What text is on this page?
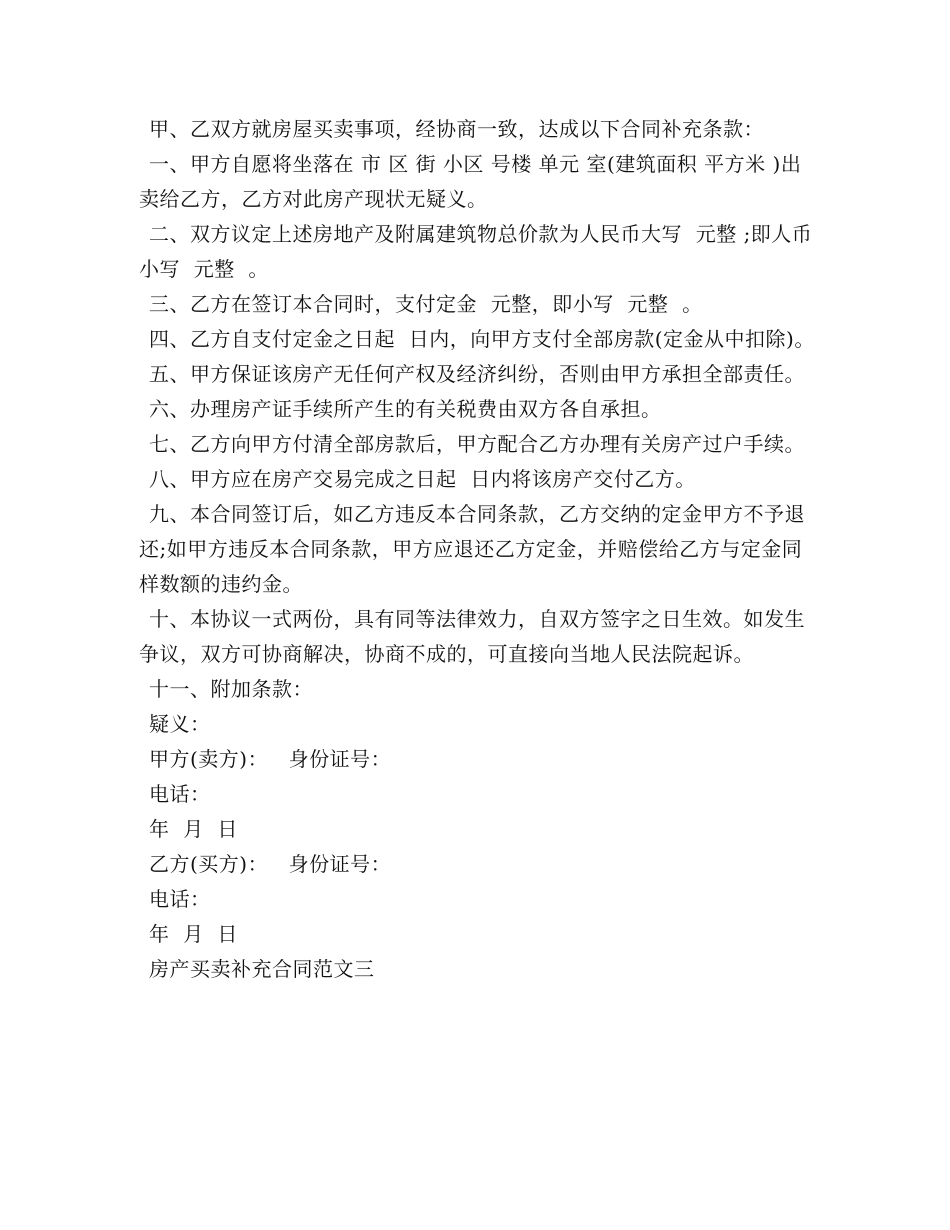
甲、乙双方就房屋买卖事项，经协商一致，达成以下合同补充条款：

一、甲方自愿将坐落在 市 区 街 小区 号楼 单元 室(建筑面积 平方米 )出卖给乙方，乙方对此房产现状无疑义。

二、双方议定上述房地产及附属建筑物总价款为人民币大写  元整 ;即人币小写  元整  。

三、乙方在签订本合同时，支付定金  元整，即小写  元整  。

四、乙方自支付定金之日起  日内，向甲方支付全部房款(定金从中扣除)。

五、甲方保证该房产无任何产权及经济纠纷，否则由甲方承担全部责任。

六、办理房产证手续所产生的有关税费由双方各自承担。

七、乙方向甲方付清全部房款后，甲方配合乙方办理有关房产过户手续。

八、甲方应在房产交易完成之日起  日内将该房产交付乙方。

九、本合同签订后，如乙方违反本合同条款，乙方交纳的定金甲方不予退还;如甲方违反本合同条款，甲方应退还乙方定金，并赔偿给乙方与定金同样数额的违约金。

十、本协议一式两份，具有同等法律效力，自双方签字之日生效。如发生争议，双方可协商解决，协商不成的，可直接向当地人民法院起诉。

十一、附加条款：

疑义：

甲方(卖方)：   身份证号：

电话：

年  月  日

乙方(买方)：   身份证号：

电话：

年  月  日

房产买卖补充合同范文三
